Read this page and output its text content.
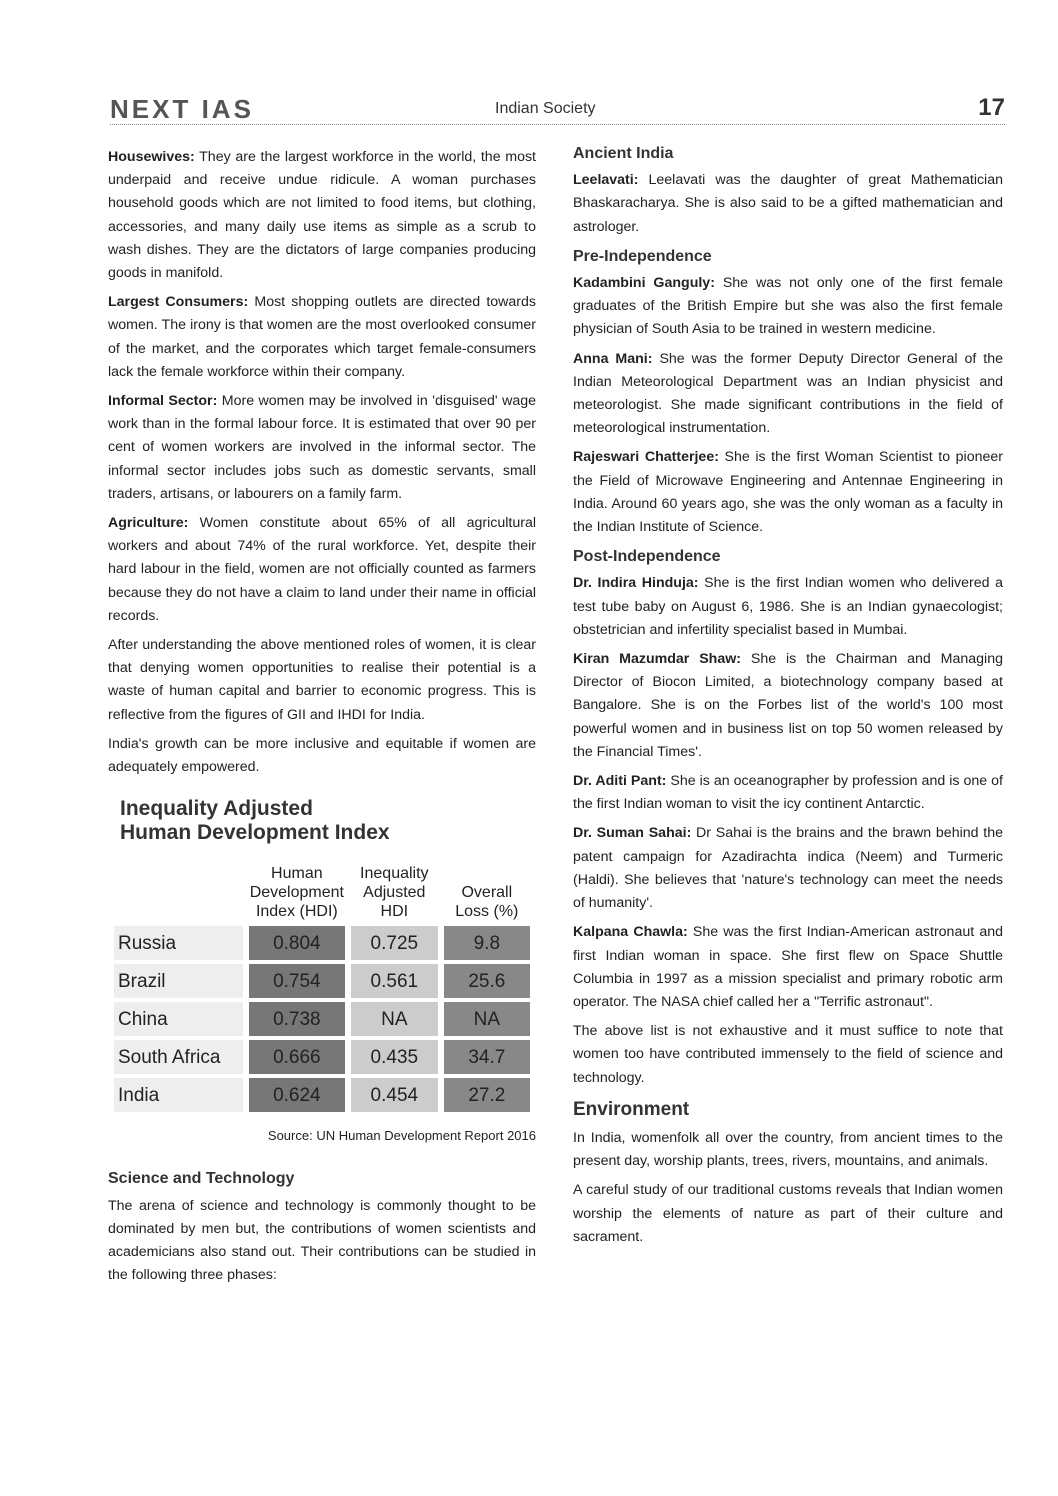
NEXT IAS	Indian Society	17

Housewives: They are the largest workforce in the world, the most underpaid and receive undue ridicule. A woman purchases household goods which are not limited to food items, but clothing, accessories, and many daily use items as simple as a scrub to wash dishes. They are the dictators of large companies producing goods in manifold.

Largest Consumers: Most shopping outlets are directed towards women. The irony is that women are the most overlooked consumer of the market, and the corporates which target female-consumers lack the female workforce within their company.

Informal Sector: More women may be involved in 'disguised' wage work than in the formal labour force. It is estimated that over 90 per cent of women workers are involved in the informal sector. The informal sector includes jobs such as domestic servants, small traders, artisans, or labourers on a family farm.

Agriculture: Women constitute about 65% of all agricultural workers and about 74% of the rural workforce. Yet, despite their hard labour in the field, women are not officially counted as farmers because they do not have a claim to land under their name in official records.

After understanding the above mentioned roles of women, it is clear that denying women opportunities to realise their potential is a waste of human capital and barrier to economic progress. This is reflective from the figures of GII and IHDI for India.

India's growth can be more inclusive and equitable if women are adequately empowered.

Inequality Adjusted
Human Development Index
	Human Development Index (HDI)	Inequality Adjusted HDI	Overall Loss (%)
Russia	0.804	0.725	9.8
Brazil	0.754	0.561	25.6
China	0.738	NA	NA
South Africa	0.666	0.435	34.7
India	0.624	0.454	27.2
Source: UN Human Development Report 2016
Science and Technology

The arena of science and technology is commonly thought to be dominated by men but, the contributions of women scientists and academicians also stand out. Their contributions can be studied in the following three phases:

Ancient India

Leelavati: Leelavati was the daughter of great Mathematician Bhaskaracharya. She is also said to be a gifted mathematician and astrologer.

Pre-Independence

Kadambini Ganguly: She was not only one of the first female graduates of the British Empire but she was also the first female physician of South Asia to be trained in western medicine.

Anna Mani: She was the former Deputy Director General of the Indian Meteorological Department was an Indian physicist and meteorologist. She made significant contributions in the field of meteorological instrumentation.

Rajeswari Chatterjee: She is the first Woman Scientist to pioneer the Field of Microwave Engineering and Antennae Engineering in India. Around 60 years ago, she was the only woman as a faculty in the Indian Institute of Science.

Post-Independence

Dr. Indira Hinduja: She is the first Indian women who delivered a test tube baby on August 6, 1986. She is an Indian gynaecologist; obstetrician and infertility specialist based in Mumbai.

Kiran Mazumdar Shaw: She is the Chairman and Managing Director of Biocon Limited, a biotechnology company based at Bangalore. She is on the Forbes list of the world's 100 most powerful women and in business list on top 50 women released by the Financial Times'.

Dr. Aditi Pant: She is an oceanographer by profession and is one of the first Indian woman to visit the icy continent Antarctic.

Dr. Suman Sahai: Dr Sahai is the brains and the brawn behind the patent campaign for Azadirachta indica (Neem) and Turmeric (Haldi). She believes that 'nature's technology can meet the needs of humanity'.

Kalpana Chawla: She was the first Indian-American astronaut and first Indian woman in space. She first flew on Space Shuttle Columbia in 1997 as a mission specialist and primary robotic arm operator. The NASA chief called her a "Terrific astronaut".

The above list is not exhaustive and it must suffice to note that women too have contributed immensely to the field of science and technology.

Environment

In India, womenfolk all over the country, from ancient times to the present day, worship plants, trees, rivers, mountains, and animals.

A careful study of our traditional customs reveals that Indian women worship the elements of nature as part of their culture and sacrament.
